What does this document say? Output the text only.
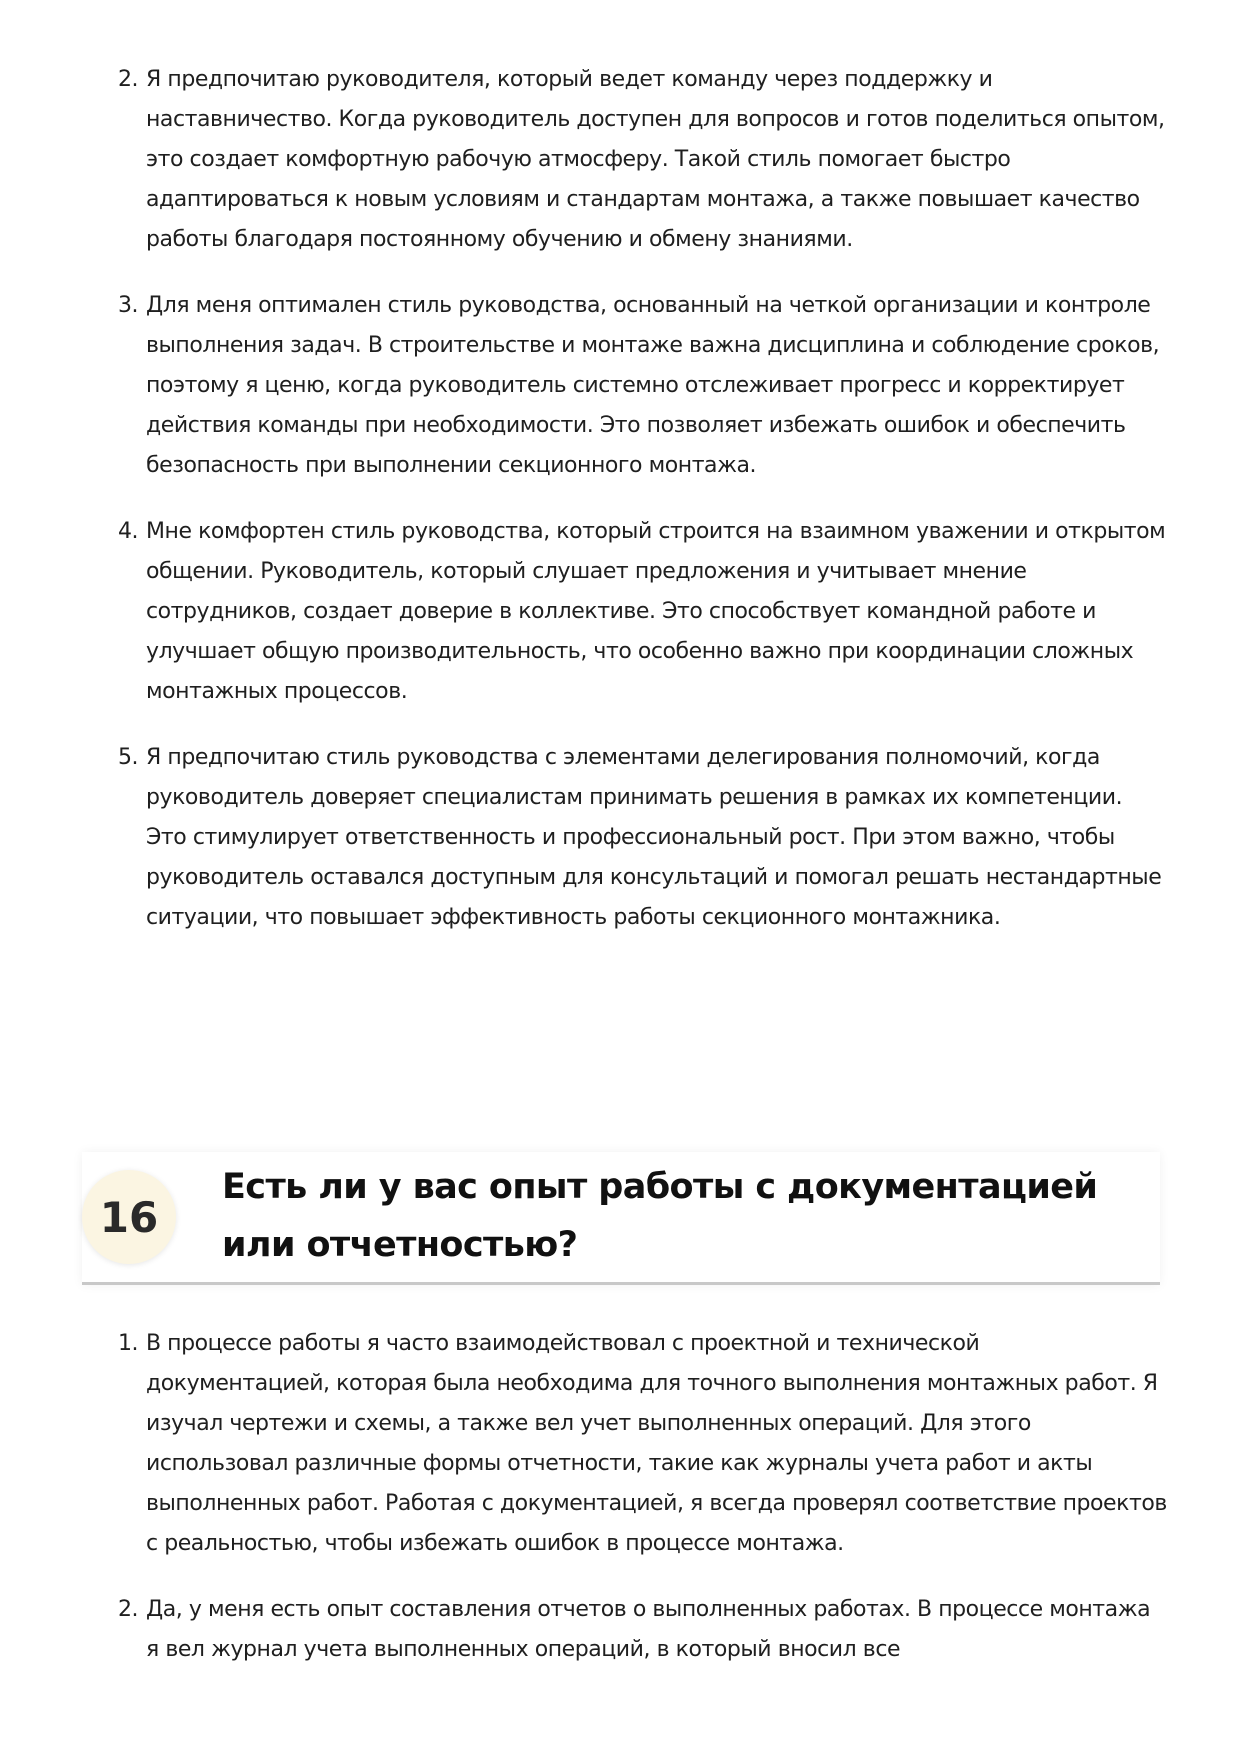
2. Я предпочитаю руководителя, который ведет команду через поддержку и наставничество. Когда руководитель доступен для вопросов и готов поделиться опытом, это создает комфортную рабочую атмосферу. Такой стиль помогает быстро адаптироваться к новым условиям и стандартам монтажа, а также повышает качество работы благодаря постоянному обучению и обмену знаниями.
3. Для меня оптимален стиль руководства, основанный на четкой организации и контроле выполнения задач. В строительстве и монтаже важна дисциплина и соблюдение сроков, поэтому я ценю, когда руководитель системно отслеживает прогресс и корректирует действия команды при необходимости. Это позволяет избежать ошибок и обеспечить безопасность при выполнении секционного монтажа.
4. Мне комфортен стиль руководства, который строится на взаимном уважении и открытом общении. Руководитель, который слушает предложения и учитывает мнение сотрудников, создает доверие в коллективе. Это способствует командной работе и улучшает общую производительность, что особенно важно при координации сложных монтажных процессов.
5. Я предпочитаю стиль руководства с элементами делегирования полномочий, когда руководитель доверяет специалистам принимать решения в рамках их компетенции. Это стимулирует ответственность и профессиональный рост. При этом важно, чтобы руководитель оставался доступным для консультаций и помогал решать нестандартные ситуации, что повышает эффективность работы секционного монтажника.
16
Есть ли у вас опыт работы с документацией или отчетностью?
1. В процессе работы я часто взаимодействовал с проектной и технической документацией, которая была необходима для точного выполнения монтажных работ. Я изучал чертежи и схемы, а также вел учет выполненных операций. Для этого использовал различные формы отчетности, такие как журналы учета работ и акты выполненных работ. Работая с документацией, я всегда проверял соответствие проектов с реальностью, чтобы избежать ошибок в процессе монтажа.
2. Да, у меня есть опыт составления отчетов о выполненных работах. В процессе монтажа я вел журнал учета выполненных операций, в который вносил все
